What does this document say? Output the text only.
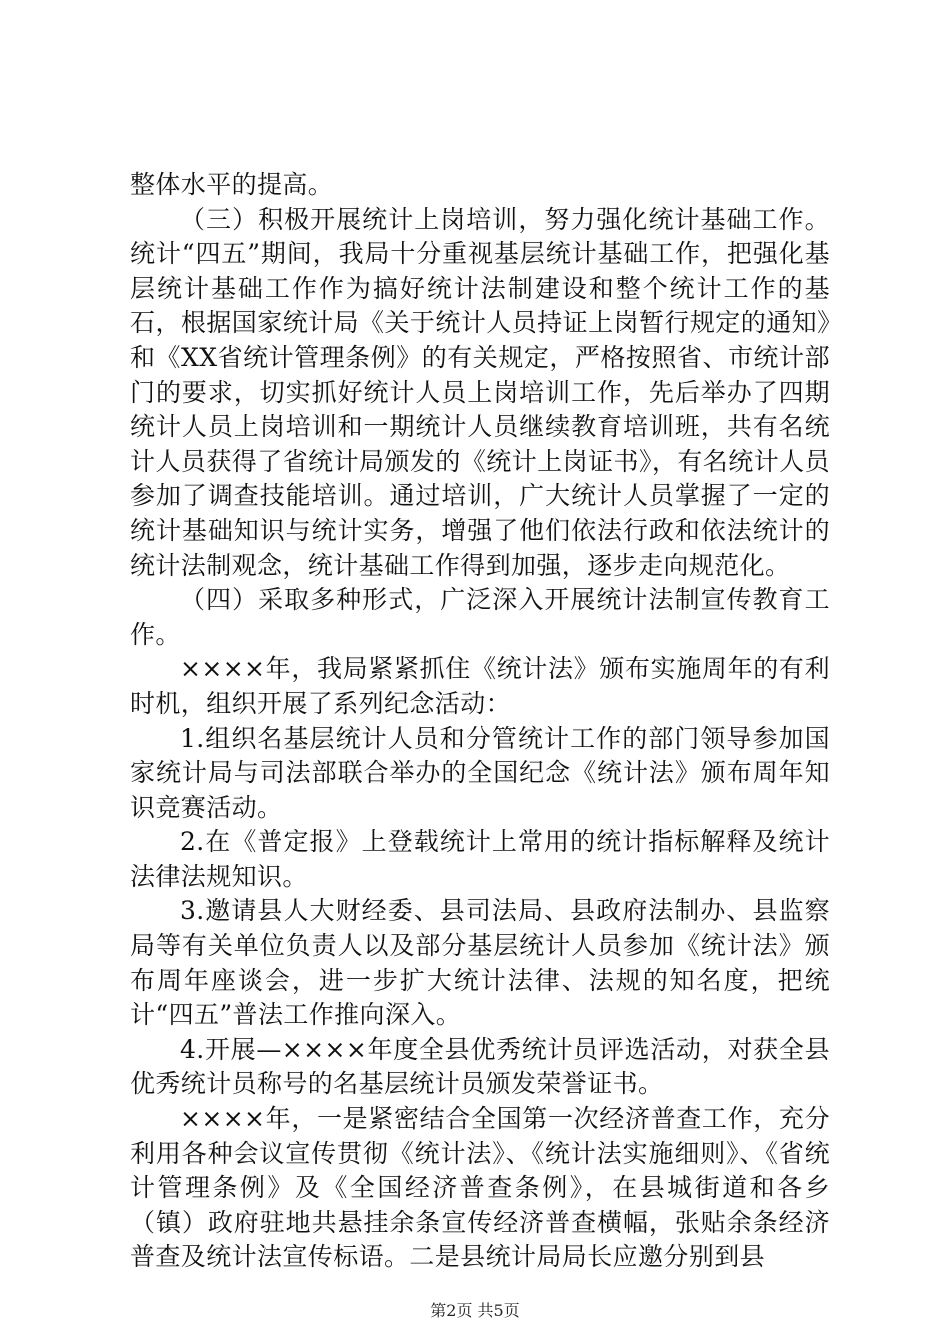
整体水平的提高。

（三）积极开展统计上岗培训，努力强化统计基础工作。统计“四五”期间，我局十分重视基层统计基础工作，把强化基层统计基础工作作为搞好统计法制建设和整个统计工作的基石，根据国家统计局《关于统计人员持证上岗暂行规定的通知》和《XX省统计管理条例》的有关规定，严格按照省、市统计部门的要求，切实抓好统计人员上岗培训工作，先后举办了四期统计人员上岗培训和一期统计人员继续教育培训班，共有名统计人员获得了省统计局颁发的《统计上岗证书》，有名统计人员参加了调查技能培训。通过培训，广大统计人员掌握了一定的统计基础知识与统计实务，增强了他们依法行政和依法统计的统计法制观念，统计基础工作得到加强，逐步走向规范化。

（四）采取多种形式，广泛深入开展统计法制宣传教育工作。

××××年，我局紧紧抓住《统计法》颁布实施周年的有利时机，组织开展了系列纪念活动：

1.组织名基层统计人员和分管统计工作的部门领导参加国家统计局与司法部联合举办的全国纪念《统计法》颁布周年知识竞赛活动。

2.在《普定报》上登载统计上常用的统计指标解释及统计法律法规知识。

3.邀请县人大财经委、县司法局、县政府法制办、县监察局等有关单位负责人以及部分基层统计人员参加《统计法》颁布周年座谈会，进一步扩大统计法律、法规的知名度，把统计“四五”普法工作推向深入。

4.开展—××××年度全县优秀统计员评选活动，对获全县优秀统计员称号的名基层统计员颁发荣誉证书。

××××年，一是紧密结合全国第一次经济普查工作，充分利用各种会议宣传贯彻《统计法》、《统计法实施细则》、《省统计管理条例》及《全国经济普查条例》，在县城街道和各乡（镇）政府驻地共悬挂余条宣传经济普查横幅，张贴余条经济普查及统计法宣传标语。二是县统计局局长应邀分别到县

第2页 共5页
